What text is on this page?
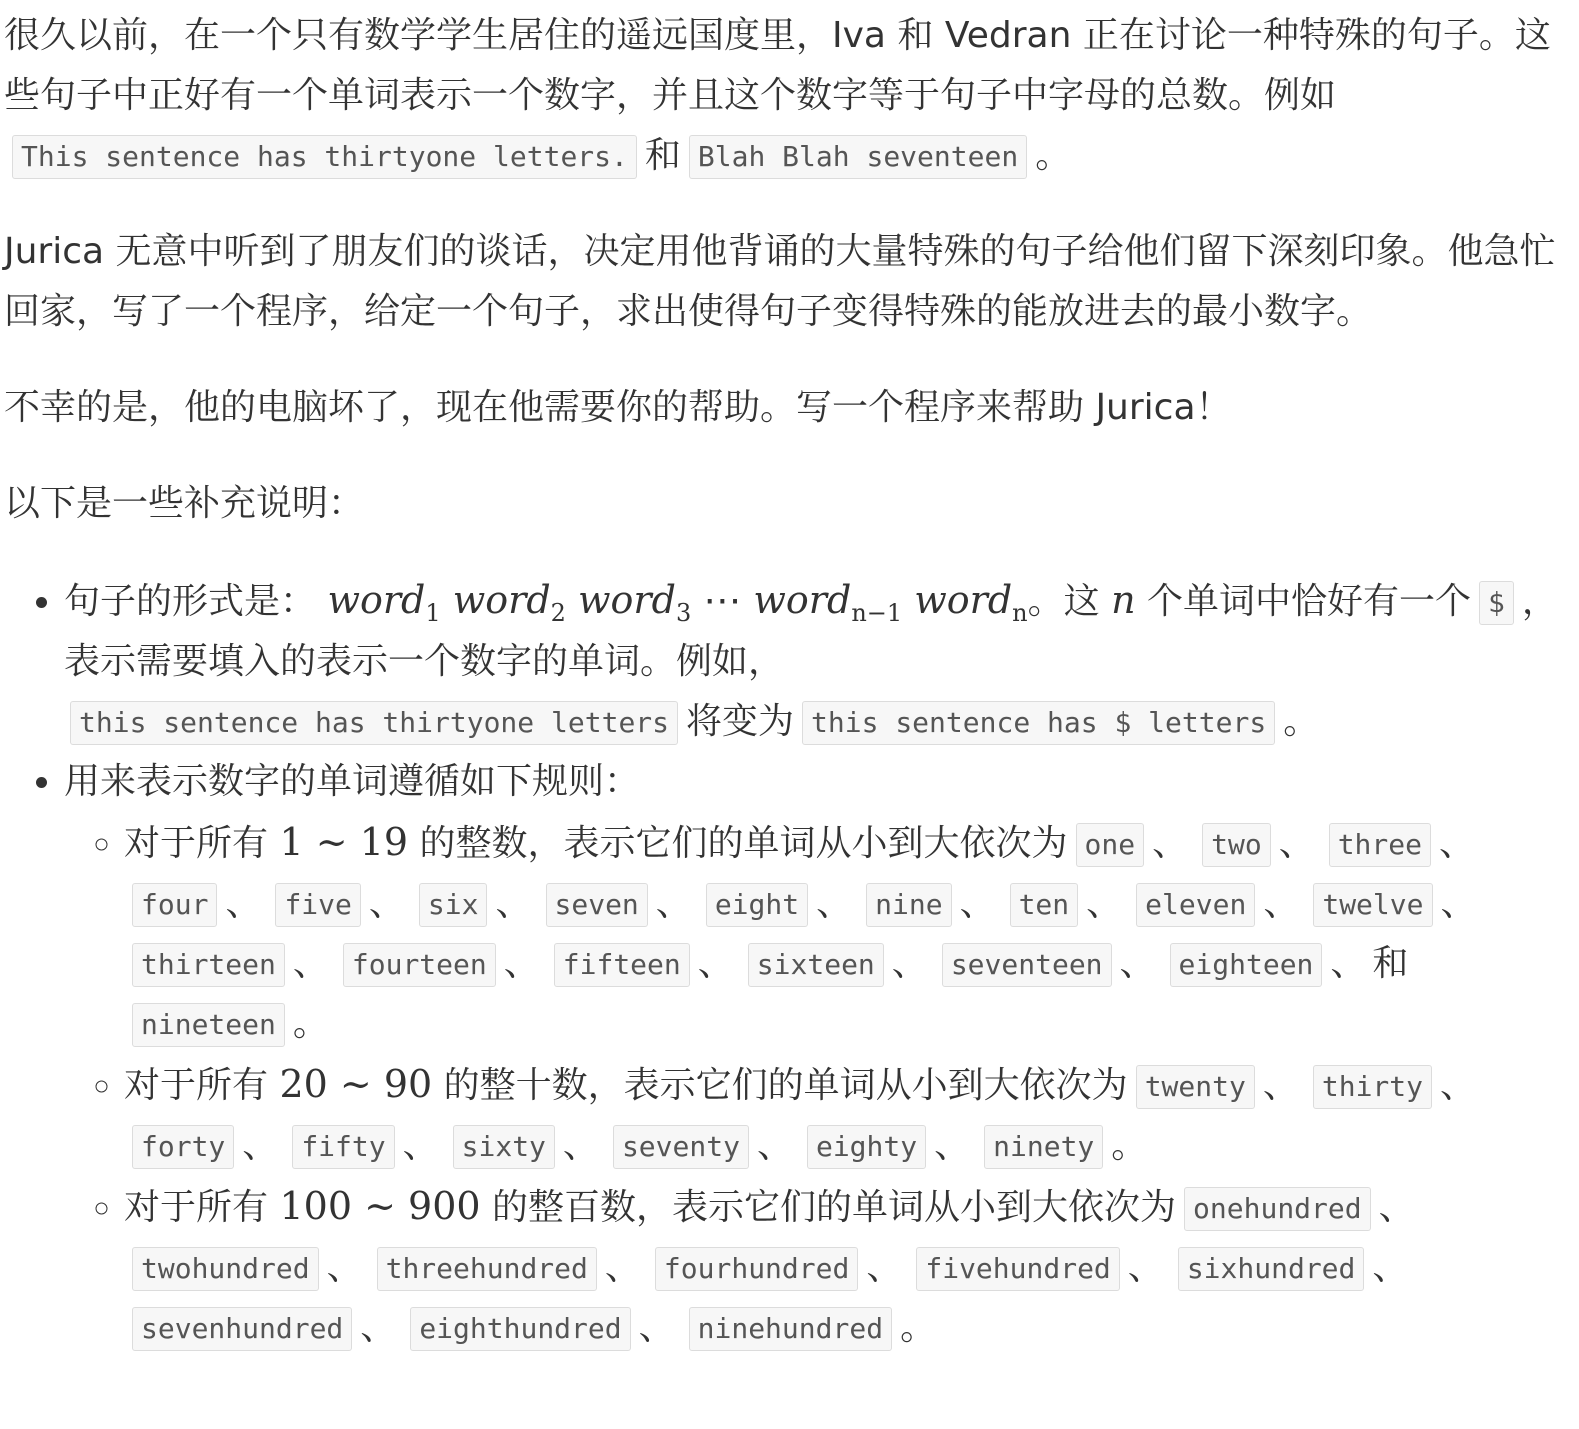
很久以前，在一个只有数学学生居住的遥远国度里，Iva 和 Vedran 正在讨论一种特殊的句子。这些句子中正好有一个单词表示一个数字，并且这个数字等于句子中字母的总数。例如This sentence has thirtyone letters. 和 Blah Blah seventeen 。

Jurica 无意中听到了朋友们的谈话，决定用他背诵的大量特殊的句子给他们留下深刻印象。他急忙回家，写了一个程序，给定一个句子，求出使得句子变得特殊的能放进去的最小数字。

不幸的是，他的电脑坏了，现在他需要你的帮助。写一个程序来帮助 Jurica！

以下是一些补充说明：

• 句子的形式是： word$_1$ word$_2$ word$_3$ ⋯ word$_{n-1}$ word$_n$。这 n 个单词中恰好有一个 $ ，表示需要填入的表示一个数字的单词。例如，
this sentence has thirtyone letters 将变为 this sentence has $ letters 。
• 用来表示数字的单词遵循如下规则：
◦ 对于所有 1 ∼ 19 的整数，表示它们的单词从小到大依次为 one 、 two 、 three 、four 、 five 、 six 、 seven 、 eight 、 nine 、 ten 、 eleven 、 twelve 、thirteen 、 fourteen 、 fifteen 、 sixteen 、 seventeen 、 eighteen 、 和nineteen 。
◦ 对于所有 20 ∼ 90 的整十数，表示它们的单词从小到大依次为 twenty 、 thirty 、forty 、 fifty 、 sixty 、 seventy 、 eighty 、 ninety 。
◦ 对于所有 100 ∼ 900 的整百数，表示它们的单词从小到大依次为 onehundred 、twohundred 、 threehundred 、 fourhundred 、 fivehundred 、 sixhundred 、sevenhundred 、 eighthundred 、 ninehundred 。
